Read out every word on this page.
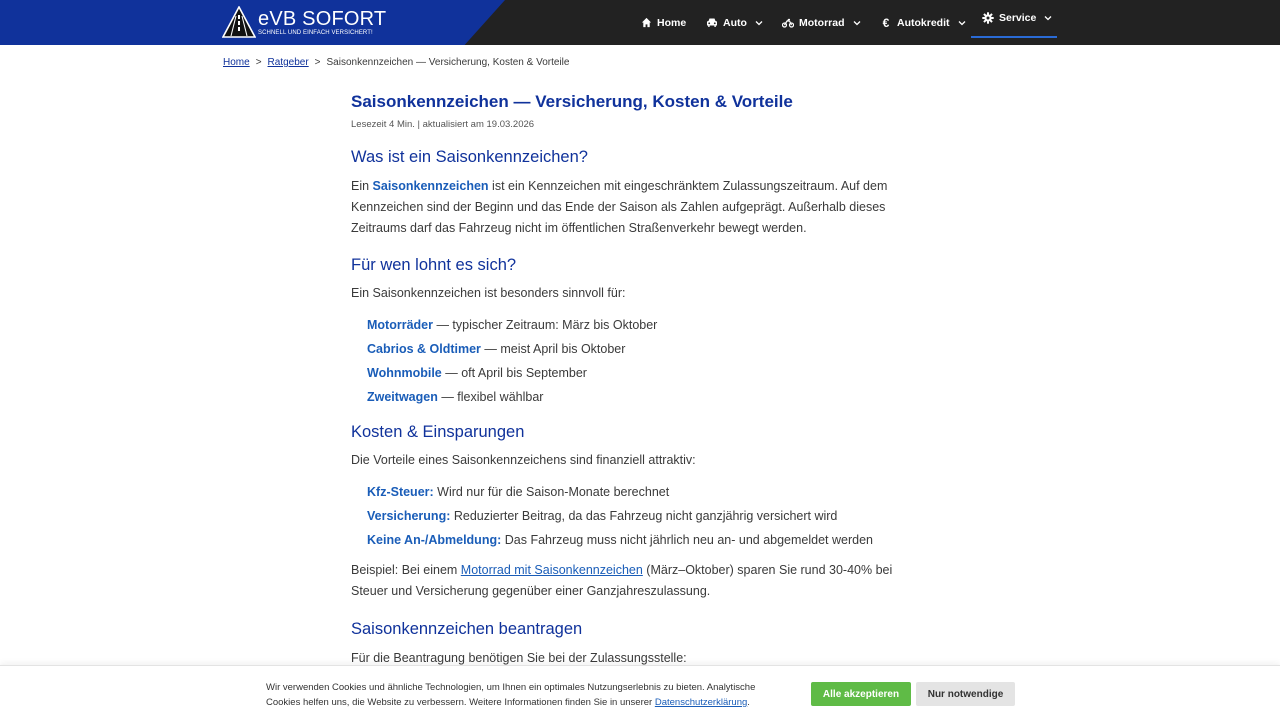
eVB SOFORT
SCHNELL UND EINFACH VERSICHERT!
Home	Auto	Motorrad	€ Autokredit	Service
Home > Ratgeber > Saisonkennzeichen — Versicherung, Kosten & Vorteile
Saisonkennzeichen — Versicherung, Kosten & Vorteile
Lesezeit 4 Min. | aktualisiert am 19.03.2026
Was ist ein Saisonkennzeichen?

Ein Saisonkennzeichen ist ein Kennzeichen mit eingeschränktem Zulassungszeitraum. Auf dem Kennzeichen sind der Beginn und das Ende der Saison als Zahlen aufgeprägt. Außerhalb dieses Zeitraums darf das Fahrzeug nicht im öffentlichen Straßenverkehr bewegt werden.

Für wen lohnt es sich?

Ein Saisonkennzeichen ist besonders sinnvoll für:

Motorräder — typischer Zeitraum: März bis Oktober
Cabrios & Oldtimer — meist April bis Oktober
Wohnmobile — oft April bis September
Zweitwagen — flexibel wählbar
Kosten & Einsparungen

Die Vorteile eines Saisonkennzeichens sind finanziell attraktiv:

Kfz-Steuer: Wird nur für die Saison-Monate berechnet
Versicherung: Reduzierter Beitrag, da das Fahrzeug nicht ganzjährig versichert wird
Keine An-/Abmeldung: Das Fahrzeug muss nicht jährlich neu an- und abgemeldet werden

Beispiel: Bei einem Motorrad mit Saisonkennzeichen (März–Oktober) sparen Sie rund 30-40% bei Steuer und Versicherung gegenüber einer Ganzjahreszulassung.

Saisonkennzeichen beantragen

Für die Beantragung benötigen Sie bei der Zulassungsstelle:

Wir verwenden Cookies und ähnliche Technologien, um Ihnen ein optimales Nutzungserlebnis zu bieten. Analytische Cookies helfen uns, die Website zu verbessern. Weitere Informationen finden Sie in unserer Datenschutzerklärung.
Alle akzeptieren	Nur notwendige
